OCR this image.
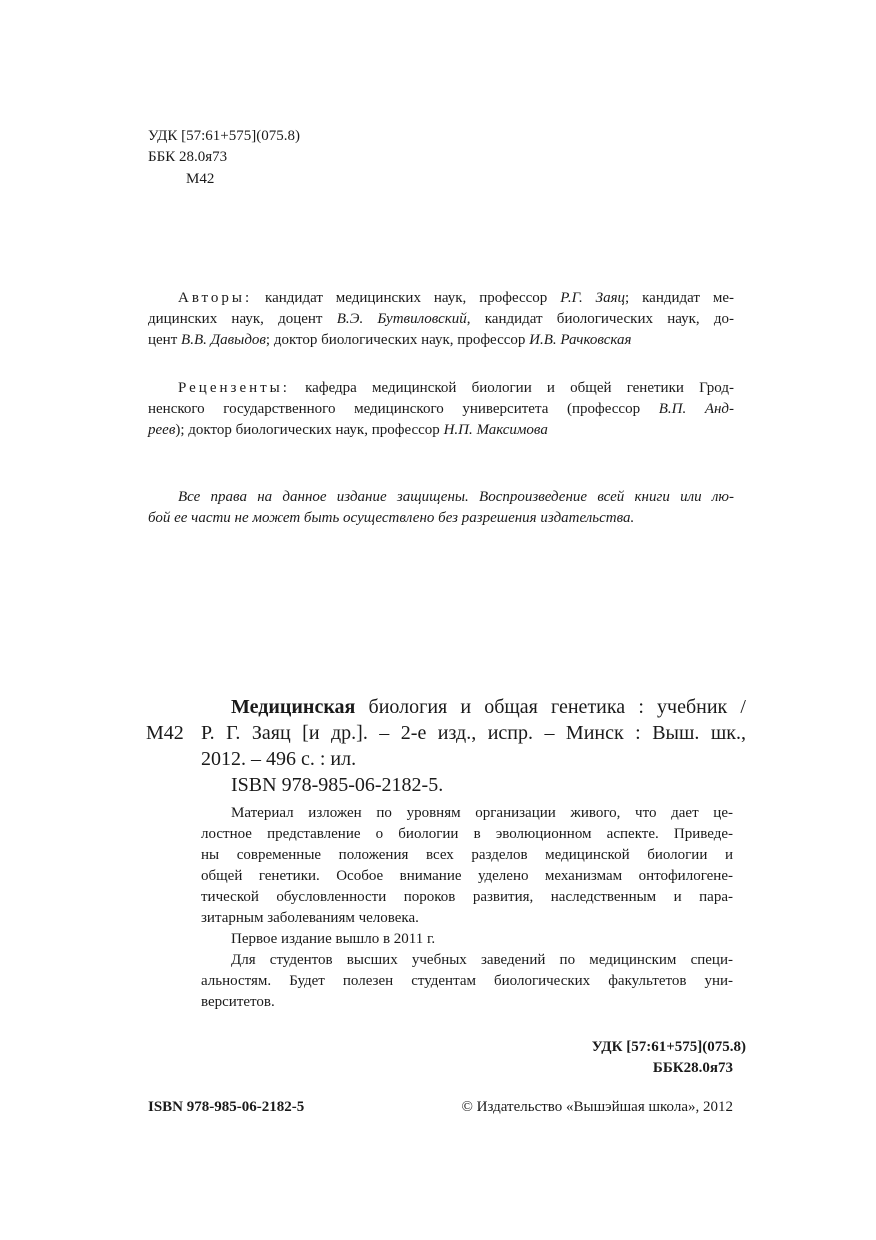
УДК [57:61+575](075.8)
ББК 28.0я73
М42
Авторы: кандидат медицинских наук, профессор Р.Г. Заяц; кандидат ме-
дицинских наук, доцент В.Э. Бутвиловский, кандидат биологических наук, до-
цент В.В. Давыдов; доктор биологических наук, профессор И.В. Рачковская
Рецензенты: кафедра медицинской биологии и общей генетики Грод-
ненского государственного медицинского университета (профессор В.П. Анд-
реев); доктор биологических наук, профессор Н.П. Максимова
Все права на данное издание защищены. Воспроизведение всей книги или лю-
бой ее части не может быть осуществлено без разрешения издательства.
М42
Медицинская биология и общая генетика : учебник /
Р. Г. Заяц [и др.]. – 2-е изд., испр. – Минск : Выш. шк.,
2012. – 496 с. : ил.
ISBN 978-985-06-2182-5.
Материал изложен по уровням организации живого, что дает це-
лостное представление о биологии в эволюционном аспекте. Приведе-
ны современные положения всех разделов медицинской биологии и
общей генетики. Особое внимание уделено механизмам онтофилогене-
тической обусловленности пороков развития, наследственным и пара-
зитарным заболеваниям человека.
Первое издание вышло в 2011 г.
Для студентов высших учебных заведений по медицинским специ-
альностям. Будет полезен студентам биологических факультетов уни-
верситетов.
УДК [57:61+575](075.8)
ББК28.0я73
ISBN 978-985-06-2182-5	© Издательство «Вышэйшая школа», 2012
